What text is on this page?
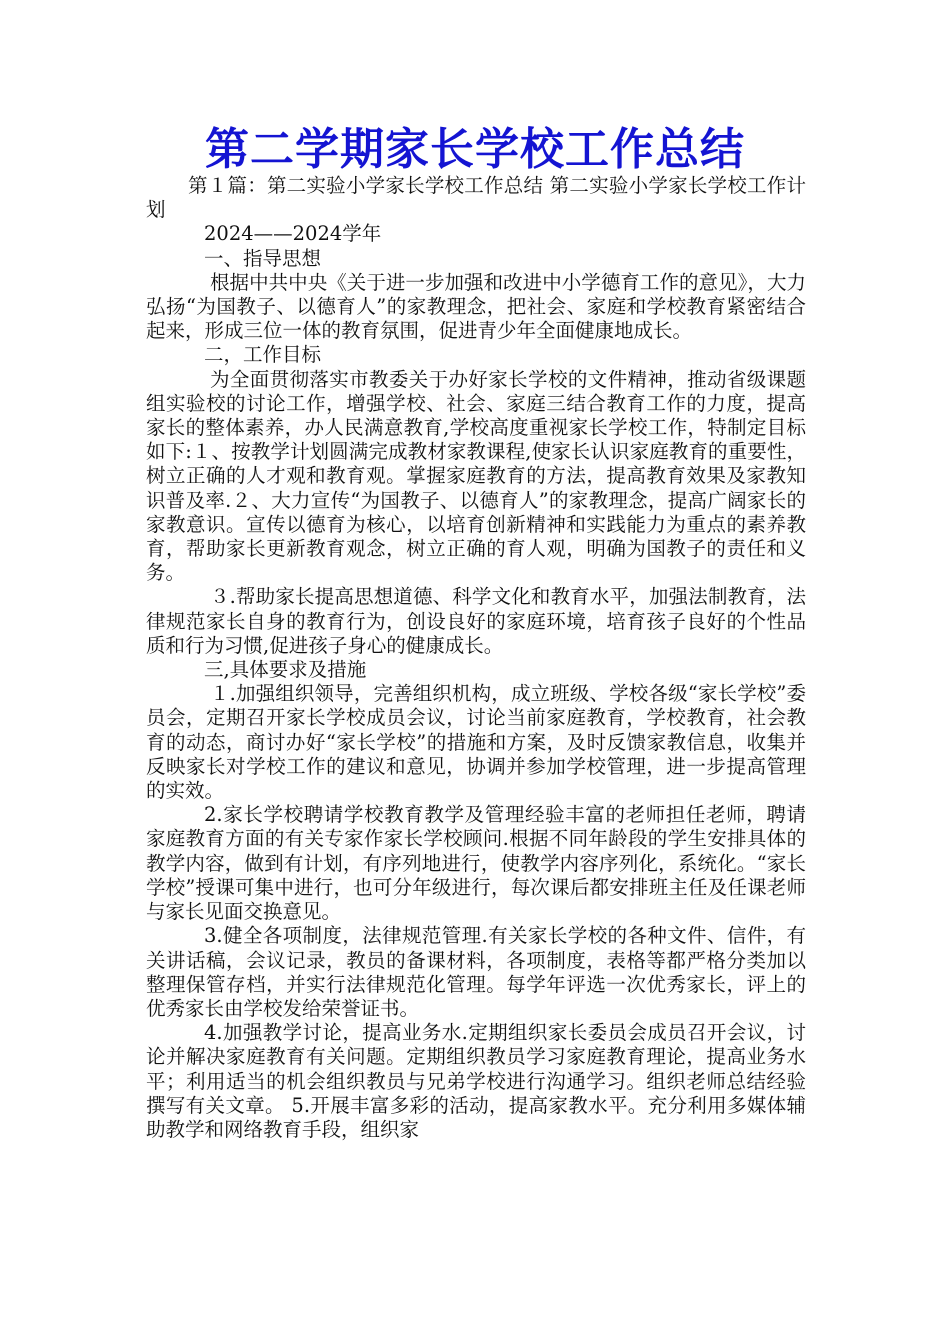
第二学期家长学校工作总结

第１篇：第二实验小学家长学校工作总结 第二实验小学家长学校工作计划

2024——2024学年

一、指导思想

根据中共中央《关于进一步加强和改进中小学德育工作的意见》，大力弘扬“为国教子、以德育人”的家教理念，把社会、家庭和学校教育紧密结合起来，形成三位一体的教育氛围，促进青少年全面健康地成长。

二，工作目标

为全面贯彻落实市教委关于办好家长学校的文件精神，推动省级课题组实验校的讨论工作，增强学校、社会、家庭三结合教育工作的力度，提高家长的整体素养，办人民满意教育,学校高度重视家长学校工作，特制定目标如下:１、按教学计划圆满完成教材家教课程,使家长认识家庭教育的重要性，树立正确的人才观和教育观。掌握家庭教育的方法，提高教育效果及家教知识普及率.２、大力宣传“为国教子、以德育人”的家教理念，提高广阔家长的家教意识。宣传以德育为核心，以培育创新精神和实践能力为重点的素养教育，帮助家长更新教育观念，树立正确的育人观，明确为国教子的责任和义务。

３.帮助家长提高思想道德、科学文化和教育水平，加强法制教育，法律规范家长自身的教育行为，创设良好的家庭环境，培育孩子良好的个性品质和行为习惯,促进孩子身心的健康成长。

三,具体要求及措施

１.加强组织领导，完善组织机构，成立班级、学校各级“家长学校”委员会，定期召开家长学校成员会议，讨论当前家庭教育，学校教育，社会教育的动态，商讨办好“家长学校”的措施和方案，及时反馈家教信息，收集并反映家长对学校工作的建议和意见，协调并参加学校管理，进一步提高管理的实效。

2.家长学校聘请学校教育教学及管理经验丰富的老师担任老师，聘请家庭教育方面的有关专家作家长学校顾问.根据不同年龄段的学生安排具体的教学内容，做到有计划，有序列地进行，使教学内容序列化，系统化。“家长学校”授课可集中进行，也可分年级进行，每次课后都安排班主任及任课老师与家长见面交换意见。

3.健全各项制度，法律规范管理.有关家长学校的各种文件、信件，有关讲话稿，会议记录，教员的备课材料，各项制度，表格等都严格分类加以整理保管存档，并实行法律规范化管理。每学年评选一次优秀家长，评上的优秀家长由学校发给荣誉证书。

4.加强教学讨论，提高业务水.定期组织家长委员会成员召开会议，讨论并解决家庭教育有关问题。定期组织教员学习家庭教育理论，提高业务水平；利用适当的机会组织教员与兄弟学校进行沟通学习。组织老师总结经验撰写有关文章。 5.开展丰富多彩的活动，提高家教水平。充分利用多媒体辅助教学和网络教育手段，组织家
